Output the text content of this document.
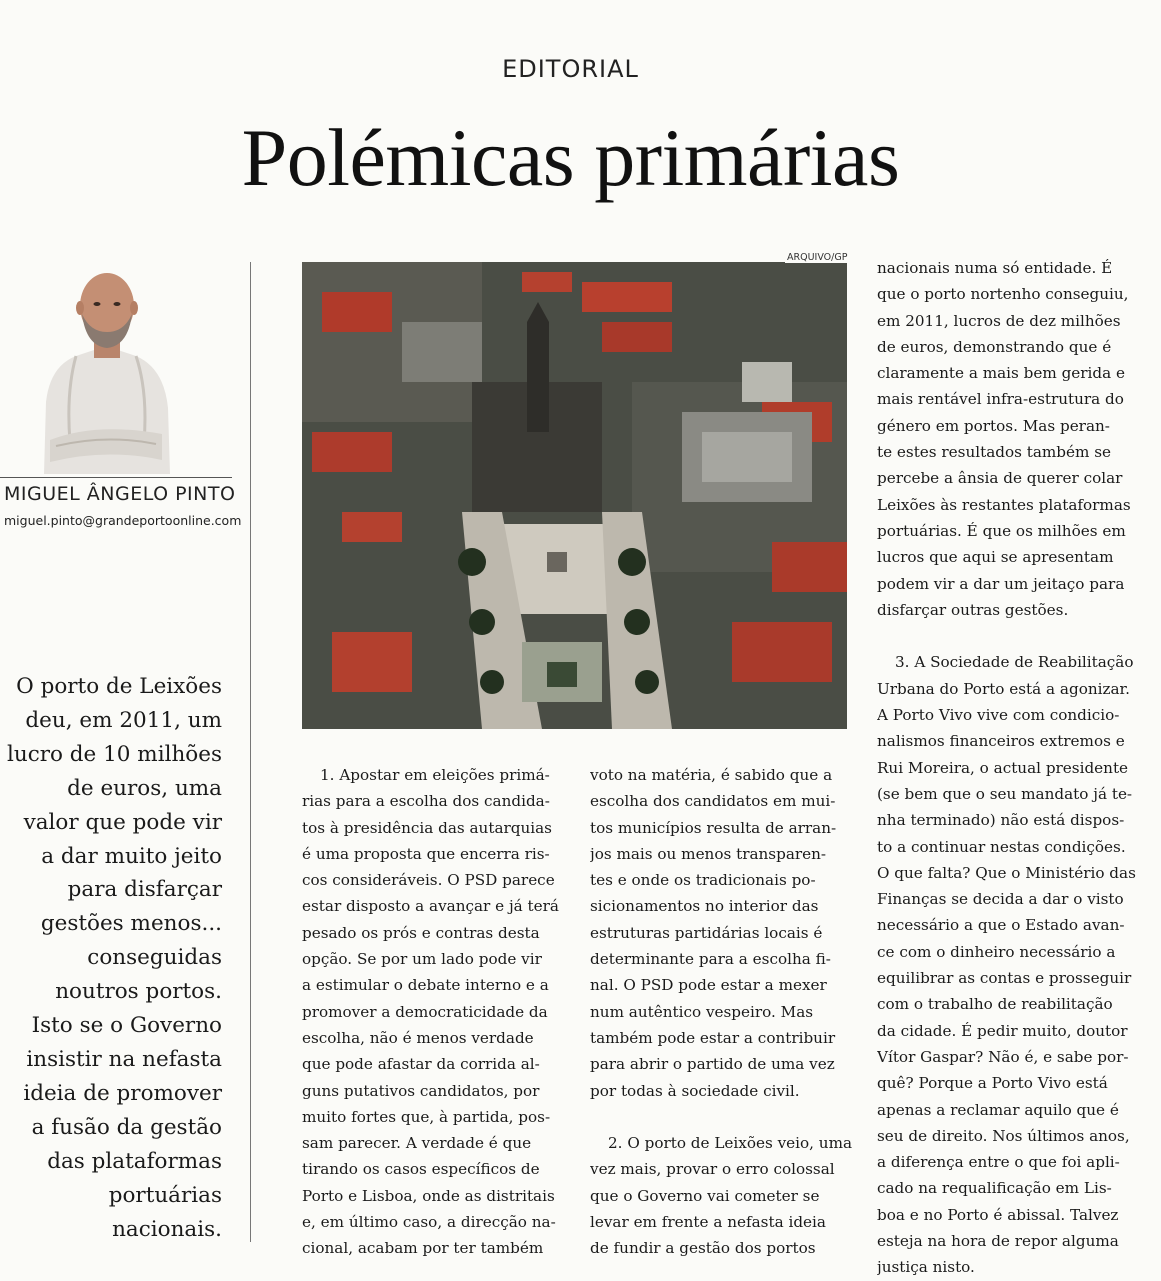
EDITORIAL
Polémicas primárias
MIGUEL ÂNGELO PINTO
miguel.pinto@grandeportoonline.com
O porto de Leixões
deu, em 2011, um
lucro de 10 milhões
de euros, uma
valor que pode vir
a dar muito jeito
para disfarçar
gestões menos...
conseguidas
noutros portos.
Isto se o Governo
insistir na nefasta
ideia de promover
a fusão da gestão
das plataformas
portuárias
nacionais.
ARQUIVO/GP
1. Apostar em eleições primá-
rias para a escolha dos candida-
tos à presidência das autarquias
é uma proposta que encerra ris-
cos consideráveis. O PSD parece
estar disposto a avançar e já terá
pesado os prós e contras desta
opção. Se por um lado pode vir
a estimular o debate interno e a
promover a democraticidade da
escolha, não é menos verdade
que pode afastar da corrida al-
guns putativos candidatos, por
muito fortes que, à partida, pos-
sam parecer. A verdade é que
tirando os casos específicos de
Porto e Lisboa, onde as distritais
e, em último caso, a direcção na-
cional, acabam por ter também
voto na matéria, é sabido que a
escolha dos candidatos em mui-
tos municípios resulta de arran-
jos mais ou menos transparen-
tes e onde os tradicionais po-
sicionamentos no interior das
estruturas partidárias locais é
determinante para a escolha fi-
nal. O PSD pode estar a mexer
num autêntico vespeiro. Mas
também pode estar a contribuir
para abrir o partido de uma vez
por todas à sociedade civil.

2. O porto de Leixões veio, uma
vez mais, provar o erro colossal
que o Governo vai cometer se
levar em frente a nefasta ideia
de fundir a gestão dos portos
nacionais numa só entidade. É
que o porto nortenho conseguiu,
em 2011, lucros de dez milhões
de euros, demonstrando que é
claramente a mais bem gerida e
mais rentável infra-estrutura do
género em portos. Mas peran-
te estes resultados também se
percebe a ânsia de querer colar
Leixões às restantes plataformas
portuárias. É que os milhões em
lucros que aqui se apresentam
podem vir a dar um jeitaço para
disfarçar outras gestões.

3. A Sociedade de Reabilitação
Urbana do Porto está a agonizar.
A Porto Vivo vive com condicio-
nalismos financeiros extremos e
Rui Moreira, o actual presidente
(se bem que o seu mandato já te-
nha terminado) não está dispos-
to a continuar nestas condições.
O que falta? Que o Ministério das
Finanças se decida a dar o visto
necessário a que o Estado avan-
ce com o dinheiro necessário a
equilibrar as contas e prosseguir
com o trabalho de reabilitação
da cidade. É pedir muito, doutor
Vítor Gaspar? Não é, e sabe por-
quê? Porque a Porto Vivo está
apenas a reclamar aquilo que é
seu de direito. Nos últimos anos,
a diferença entre o que foi apli-
cado na requalificação em Lis-
boa e no Porto é abissal. Talvez
esteja na hora de repor alguma
justiça nisto.
